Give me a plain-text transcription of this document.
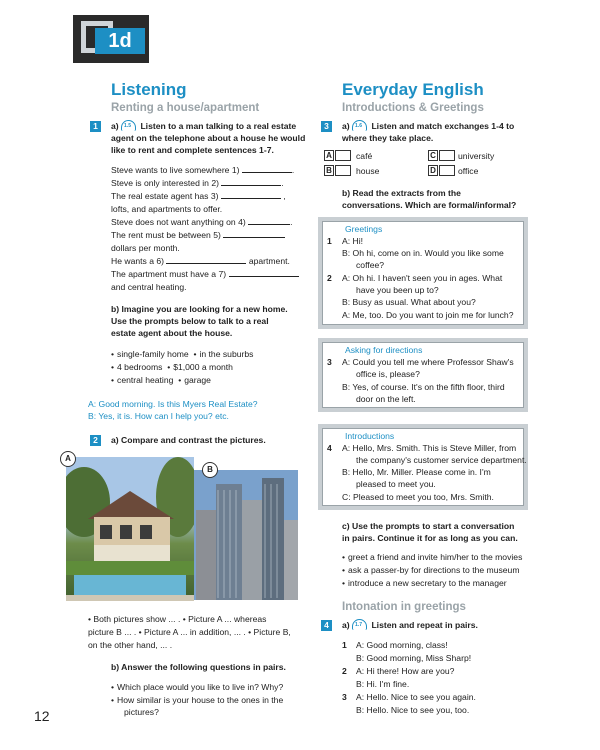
1d
Listening
Renting a house/apartment
1	a) 1.5 Listen to a man talking to a real estate
agent on the telephone about a house he would
like to rent and complete sentences 1-7.
Steve wants to live somewhere 1)	.
Steve is only interested in 2)	.
The real estate agent has 3)	,
lofts, and apartments to offer.
Steve does not want anything on 4)	.
The rent must be between 5)
dollars per month.
He wants a 6)	apartment.
The apartment must have a 7)
and central heating.
b) Imagine you are looking for a new home.
Use the prompts below to talk to a real
estate agent about the house.
• single-family home • in the suburbs
• 4 bedrooms • $1,000 a month
• central heating • garage
A: Good morning. Is this Myers Real Estate?
B: Yes, it is. How can I help you? etc.
2	a) Compare and contrast the pictures.
A
B
• Both pictures show ... . • Picture A ... whereas
picture B ... . • Picture A ... in addition, ... . • Picture B,
on the other hand, ... .
b) Answer the following questions in pairs.
• Which place would you like to live in? Why?
• How similar is your house to the ones in the
pictures?
12
Everyday English
Introductions & Greetings
3	a) 1.6 Listen and match exchanges 1-4 to
where they take place.
A	café	C	university
B	house	D	office
b) Read the extracts from the
conversations. Which are formal/informal?
Greetings
1 A: Hi!
B: Oh hi, come on in. Would you like some
coffee?
2 A: Oh hi. I haven't seen you in ages. What
have you been up to?
B: Busy as usual. What about you?
A: Me, too. Do you want to join me for lunch?
Asking for directions
3 A: Could you tell me where Professor Shaw's
office is, please?
B: Yes, of course. It's on the fifth floor, third
door on the left.
Introductions
4 A: Hello, Mrs. Smith. This is Steve Miller, from
the company's customer service department.
B: Hello, Mr. Miller. Please come in. I'm
pleased to meet you.
C: Pleased to meet you too, Mrs. Smith.
c) Use the prompts to start a conversation
in pairs. Continue it for as long as you can.
• greet a friend and invite him/her to the movies
• ask a passer-by for directions to the museum
• introduce a new secretary to the manager
Intonation in greetings
4	a) 1.7 Listen and repeat in pairs.
1 A: Good morning, class!
B: Good morning, Miss Sharp!
2 A: Hi there! How are you?
B: Hi. I'm fine.
3 A: Hello. Nice to see you again.
B: Hello. Nice to see you, too.
